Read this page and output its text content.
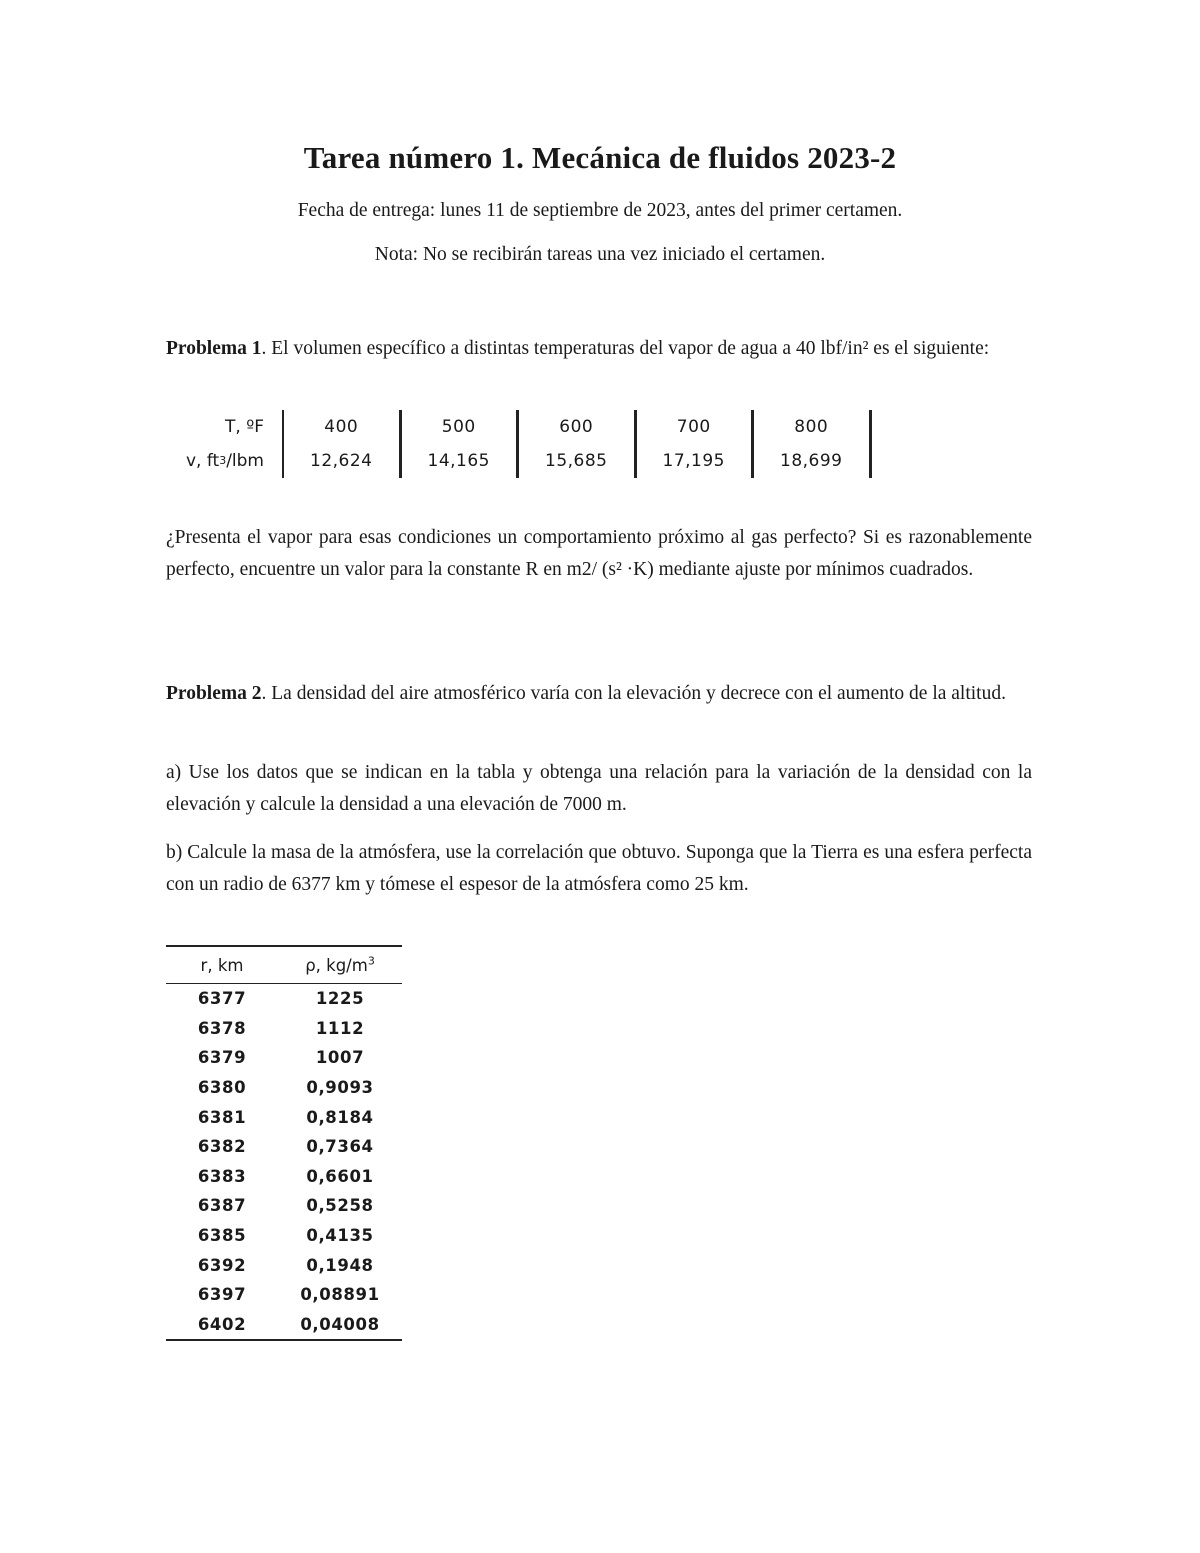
Tarea número 1. Mecánica de fluidos 2023-2
Fecha de entrega: lunes 11 de septiembre de 2023, antes del primer certamen.
Nota: No se recibirán tareas una vez iniciado el certamen.
Problema 1. El volumen específico a distintas temperaturas del vapor de agua a 40 lbf/in² es el siguiente:
T, ºF	400	500	600	700	800
v, ft 3 /lbm	12,624	14,165	15,685	17,195	18,699
¿Presenta el vapor para esas condiciones un comportamiento próximo al gas perfecto? Si es razonablemente perfecto, encuentre un valor para la constante R en m2/ (s² ·K) mediante ajuste por mínimos cuadrados.
Problema 2. La densidad del aire atmosférico varía con la elevación y decrece con el aumento de la altitud.
a) Use los datos que se indican en la tabla y obtenga una relación para la variación de la densidad con la elevación y calcule la densidad a una elevación de 7000 m.
b) Calcule la masa de la atmósfera, use la correlación que obtuvo. Suponga que la Tierra es una esfera perfecta con un radio de 6377 km y tómese el espesor de la atmósfera como 25 km.
r, km	ρ, $kg/m^3$
6377	1225
6378	1112
6379	1007
6380	0,9093
6381	0,8184
6382	0,7364
6383	0,6601
6387	0,5258
6385	0,4135
6392	0,1948
6397	0,08891
6402	0,04008
